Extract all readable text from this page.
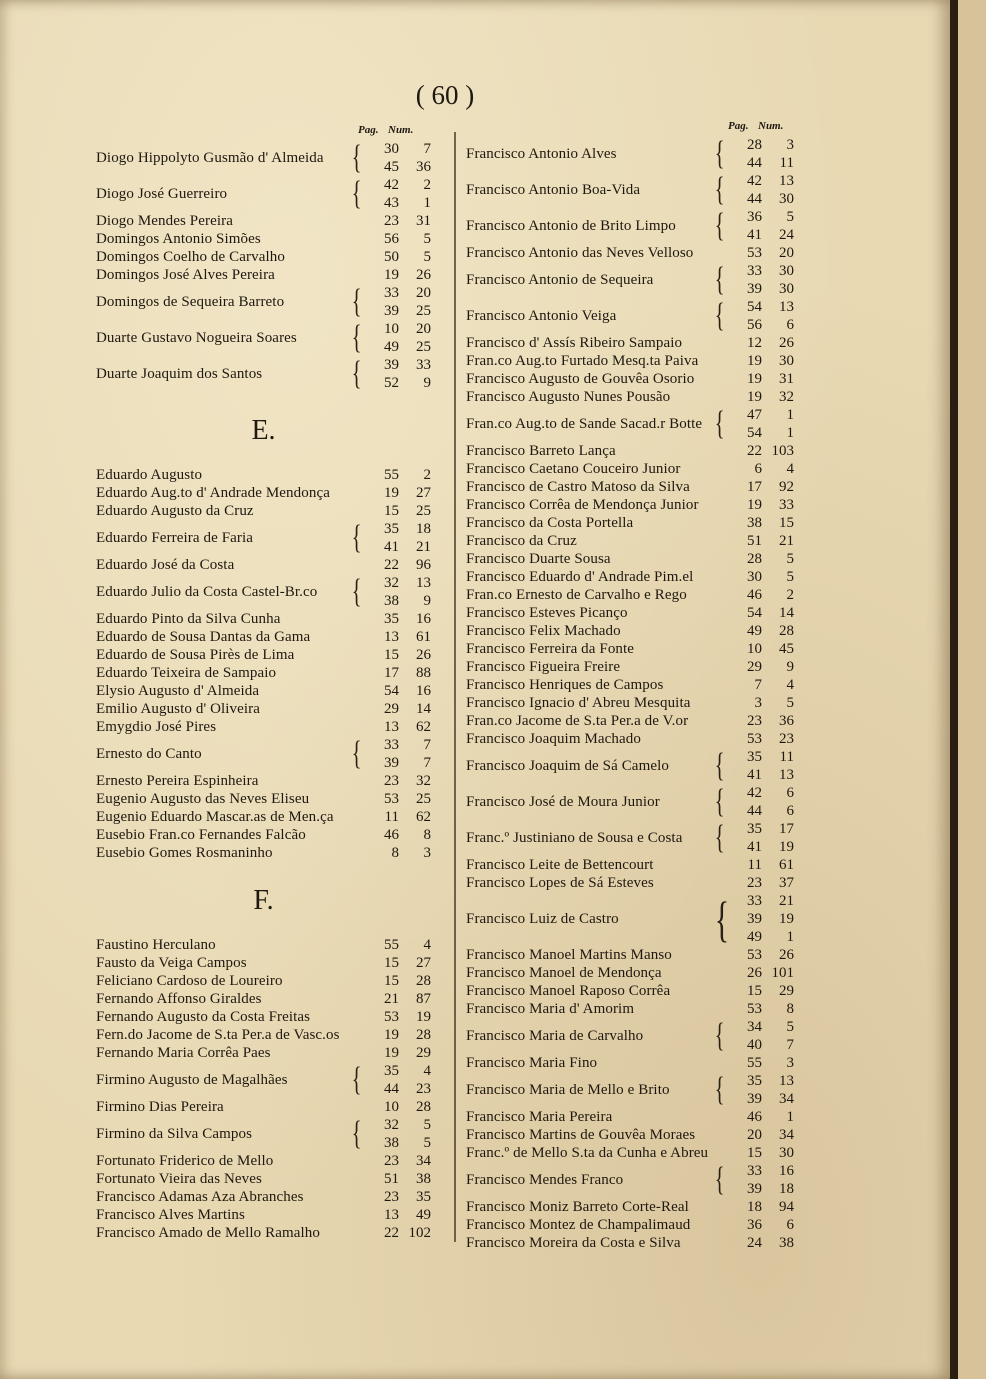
( 60 )
Pag. Num.
Diogo Hippolyto Gusmão d' Almeida {	30	7
45	36
Diogo José Guerreiro	{	42	2
43	1
Diogo Mendes Pereira	23	31
Domingos Antonio Simões	56	5
Domingos Coelho de Carvalho	50	5
Domingos José Alves Pereira	19	26
Domingos de Sequeira Barreto	{	33	20
39	25
Duarte Gustavo Nogueira Soares	{	10	20
49	25
Duarte Joaquim dos Santos	{	39	33
52	9
E.
Eduardo Augusto	55	2
Eduardo Aug.to d' Andrade Mendonça	19	27
Eduardo Augusto da Cruz	15	25
Eduardo Ferreira de Faria	{	35	18
41	21
Eduardo José da Costa	22	96
Eduardo Julio da Costa Castel-Br.co	{	32	13
38	9
Eduardo Pinto da Silva Cunha	35	16
Eduardo de Sousa Dantas da Gama	13	61
Eduardo de Sousa Pirès de Lima	15	26
Eduardo Teixeira de Sampaio	17	88
Elysio Augusto d' Almeida	54	16
Emilio Augusto d' Oliveira	29	14
Emygdio José Pires	13	62
Ernesto do Canto	{	33	7
39	7
Ernesto Pereira Espinheira	23	32
Eugenio Augusto das Neves Eliseu	53	25
Eugenio Eduardo Mascar.as de Men.ça	11	62
Eusebio Fran.co Fernandes Falcão	46	8
Eusebio Gomes Rosmaninho	8	3
F.
Faustino Herculano	55	4
Fausto da Veiga Campos	15	27
Feliciano Cardoso de Loureiro	15	28
Fernando Affonso Giraldes	21	87
Fernando Augusto da Costa Freitas	53	19
Fern.do Jacome de S.ta Per.a de Vasc.os	19	28
Fernando Maria Corrêa Paes	19	29
Firmino Augusto de Magalhães	{	35	4
44	23
Firmino Dias Pereira	10	28
Firmino da Silva Campos	{	32	5
38	5
Fortunato Friderico de Mello	23	34
Fortunato Vieira das Neves	51	38
Francisco Adamas Aza Abranches	23	35
Francisco Alves Martins	13	49
Francisco Amado de Mello Ramalho	22 102
Pag. Num.
Francisco Antonio Alves	{	28	3
44	11
Francisco Antonio Boa-Vida	{	42	13
44	30
Francisco Antonio de Brito Limpo	{	36	5
41	24
Francisco Antonio das Neves Velloso	53	20
Francisco Antonio de Sequeira	{	33	30
39	30
Francisco Antonio Veiga	{	54	13
56	6
Francisco d' Assís Ribeiro Sampaio	12	26
Fran.co Aug.to Furtado Mesq.ta Paiva	19	30
Francisco Augusto de Gouvêa Osorio	19	31
Francisco Augusto Nunes Pousão	19	32
Fran.co Aug.to de Sande Sacad.r Botte {	47	1
54	1
Francisco Barreto Lança	22 103
Francisco Caetano Couceiro Junior	6	4
Francisco de Castro Matoso da Silva	17	92
Francisco Corrêa de Mendonça Junior	19	33
Francisco da Costa Portella	38	15
Francisco da Cruz	51	21
Francisco Duarte Sousa	28	5
Francisco Eduardo d' Andrade Pim.el	30	5
Fran.co Ernesto de Carvalho e Rego	46	2
Francisco Esteves Picanço	54	14
Francisco Felix Machado	49	28
Francisco Ferreira da Fonte	10	45
Francisco Figueira Freire	29	9
Francisco Henriques de Campos	7	4
Francisco Ignacio d' Abreu Mesquita	3	5
Fran.co Jacome de S.ta Per.a de V.or	23	36
Francisco Joaquim Machado	53	23
Francisco Joaquim de Sá Camelo	{	35	11
41	13
Francisco José de Moura Junior	{	42	6
44	6
Franc.º Justiniano de Sousa e Costa {	35	17
41	19
Francisco Leite de Bettencourt	11	61
Francisco Lopes de Sá Esteves	23	37
Francisco Luiz de Castro	{	33	21
39	19
49	1
Francisco Manoel Martins Manso	53	26
Francisco Manoel de Mendonça	26 101
Francisco Manoel Raposo Corrêa	15	29
Francisco Maria d' Amorim	53	8
Francisco Maria de Carvalho	{	34	5
40	7
Francisco Maria Fino	55	3
Francisco Maria de Mello e Brito	{	35	13
39	34
Francisco Maria Pereira	46	1
Francisco Martins de Gouvêa Moraes	20	34
Franc.º de Mello S.ta da Cunha e Abreu	15	30
Francisco Mendes Franco	{	33	16
39	18
Francisco Moniz Barreto Corte-Real	18	94
Francisco Montez de Champalimaud	36	6
Francisco Moreira da Costa e Silva	24	38
